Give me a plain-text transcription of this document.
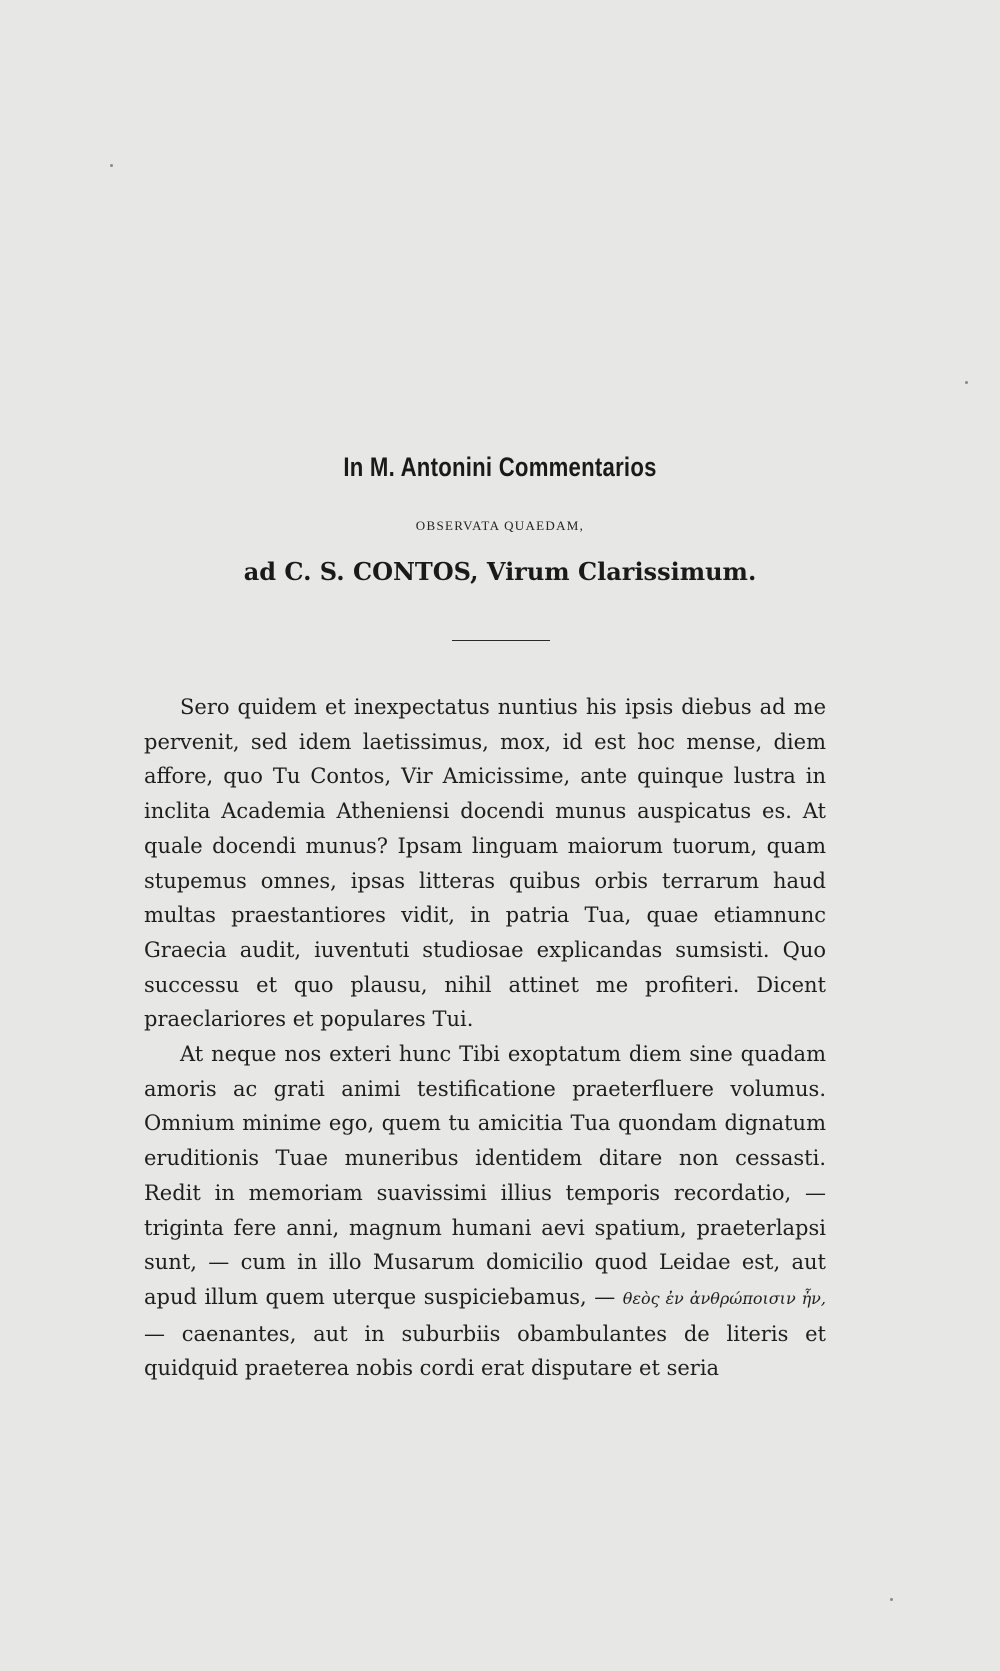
In M. Antonini Commentarios
OBSERVATA QUAEDAM,
ad C. S. CONTOS, Virum Clarissimum.

Sero quidem et inexpectatus nuntius his ipsis diebus ad me pervenit, sed idem laetissimus, mox, id est hoc mense, diem affore, quo Tu Contos, Vir Amicissime, ante quinque lustra in inclita Academia Atheniensi docendi munus auspicatus es. At quale docendi munus? Ipsam linguam maiorum tuorum, quam stupemus omnes, ipsas litteras quibus orbis terrarum haud multas praestantiores vidit, in patria Tua, quae etiamnunc Graecia audit, iuventuti studiosae explicandas sumsisti. Quo successu et quo plausu, nihil attinet me profiteri. Dicent praeclariores et populares Tui.

At neque nos exteri hunc Tibi exoptatum diem sine quadam amoris ac grati animi testificatione praeterfluere volumus. Omnium minime ego, quem tu amicitia Tua quondam dignatum eruditionis Tuae muneribus identidem ditare non cessasti. Redit in memoriam suavissimi illius temporis recordatio, — triginta fere anni, magnum humani aevi spatium, praeterlapsi sunt, — cum in illo Musarum domicilio quod Leidae est, aut apud illum quem uterque suspiciebamus, — θεὸς ἐν ἀνθρώποισιν ἦν, — caenantes, aut in suburbiis obambulantes de literis et quidquid praeterea nobis cordi erat disputare et seria
